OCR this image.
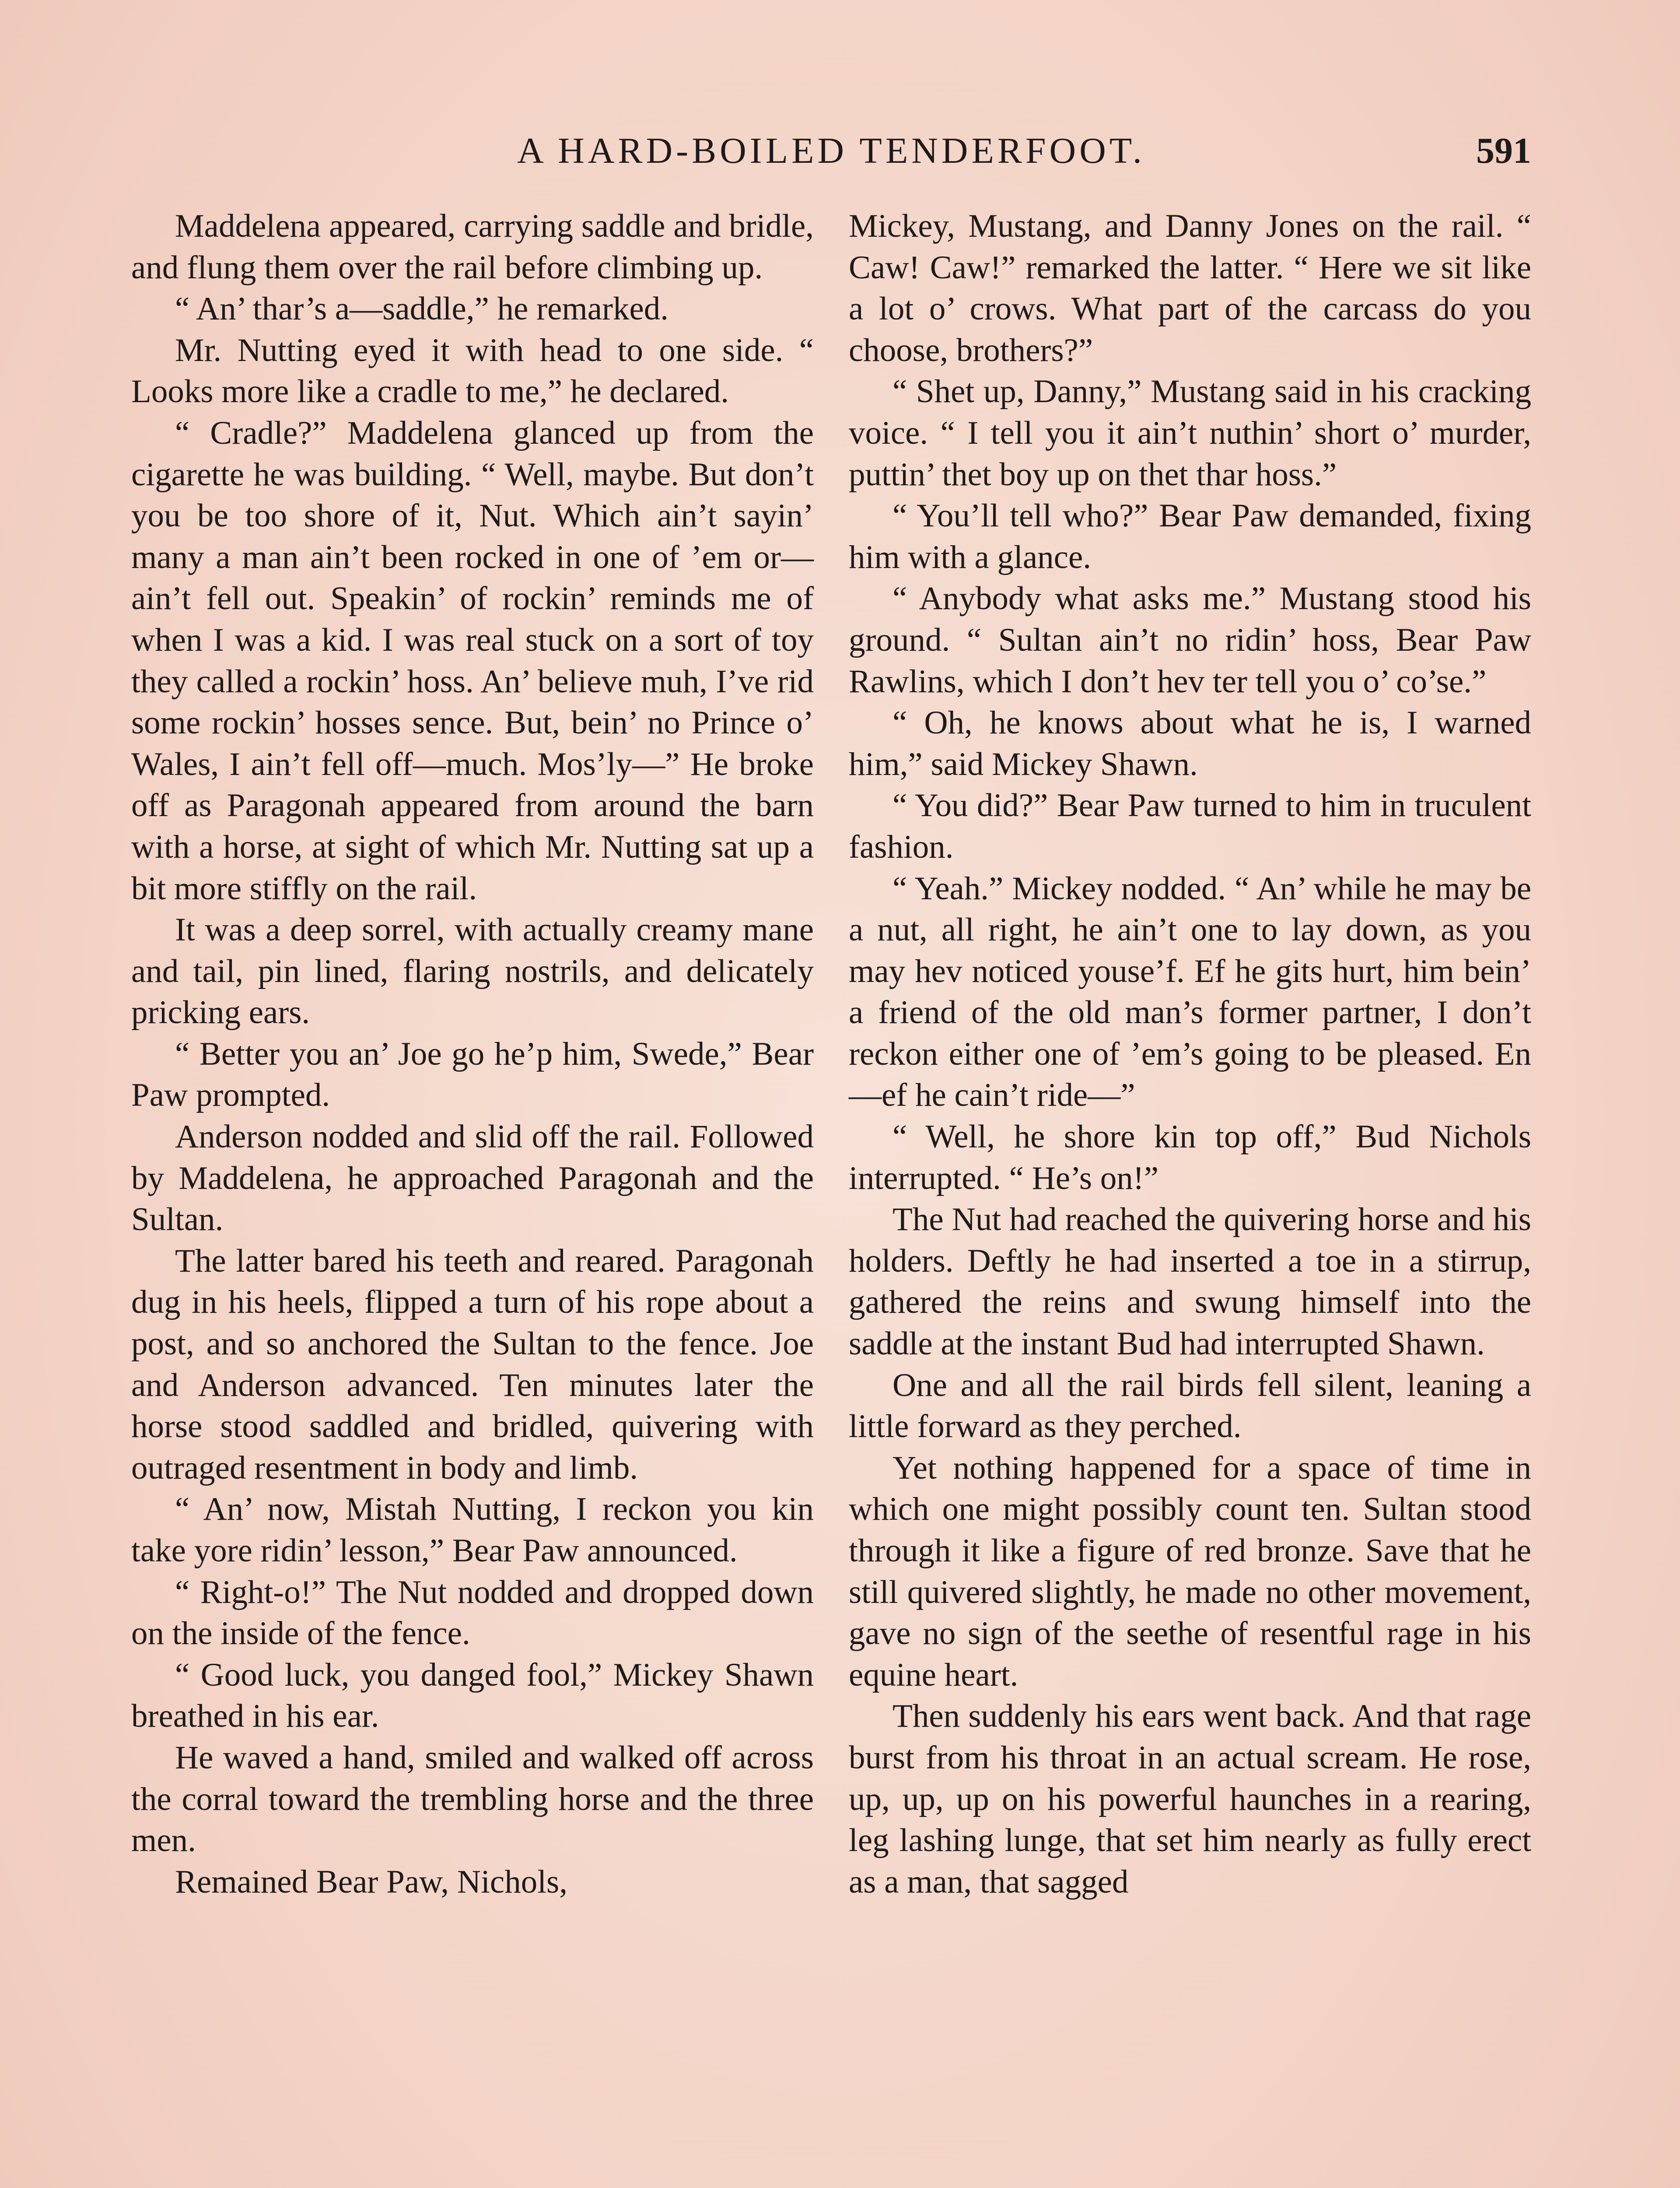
A HARD-BOILED TENDERFOOT.	591

Maddelena appeared, carrying saddle and bridle, and flung them over the rail before climbing up.

“ An’ thar’s a—saddle,” he remarked.

Mr. Nutting eyed it with head to one side. “ Looks more like a cradle to me,” he declared.

“ Cradle?” Maddelena glanced up from the cigarette he was building. “ Well, maybe. But don’t you be too shore of it, Nut. Which ain’t sayin’ many a man ain’t been rocked in one of ’em or—ain’t fell out. Speakin’ of rockin’ reminds me of when I was a kid. I was real stuck on a sort of toy they called a rockin’ hoss. An’ believe muh, I’ve rid some rockin’ hosses sence. But, bein’ no Prince o’ Wales, I ain’t fell off—much. Mos’ly—” He broke off as Paragonah appeared from around the barn with a horse, at sight of which Mr. Nutting sat up a bit more stiffly on the rail.

It was a deep sorrel, with actually creamy mane and tail, pin lined, flaring nostrils, and delicately pricking ears.

“ Better you an’ Joe go he’p him, Swede,” Bear Paw prompted.

Anderson nodded and slid off the rail. Followed by Maddelena, he approached Paragonah and the Sultan.

The latter bared his teeth and reared. Paragonah dug in his heels, flipped a turn of his rope about a post, and so anchored the Sultan to the fence. Joe and Anderson advanced. Ten minutes later the horse stood saddled and bridled, quivering with outraged resentment in body and limb.

“ An’ now, Mistah Nutting, I reckon you kin take yore ridin’ lesson,” Bear Paw announced.

“ Right-o!” The Nut nodded and dropped down on the inside of the fence.

“ Good luck, you danged fool,” Mickey Shawn breathed in his ear.

He waved a hand, smiled and walked off across the corral toward the trembling horse and the three men.

Remained Bear Paw, Nichols,

Mickey, Mustang, and Danny Jones on the rail. “ Caw! Caw!” remarked the latter. “ Here we sit like a lot o’ crows. What part of the carcass do you choose, brothers?”

“ Shet up, Danny,” Mustang said in his cracking voice. “ I tell you it ain’t nuthin’ short o’ murder, puttin’ thet boy up on thet thar hoss.”

“ You’ll tell who?” Bear Paw demanded, fixing him with a glance.

“ Anybody what asks me.” Mustang stood his ground. “ Sultan ain’t no ridin’ hoss, Bear Paw Rawlins, which I don’t hev ter tell you o’ co’se.”

“ Oh, he knows about what he is, I warned him,” said Mickey Shawn.

“ You did?” Bear Paw turned to him in truculent fashion.

“ Yeah.” Mickey nodded. “ An’ while he may be a nut, all right, he ain’t one to lay down, as you may hev noticed youse’f. Ef he gits hurt, him bein’ a friend of the old man’s former partner, I don’t reckon either one of ’em’s going to be pleased. En—ef he cain’t ride—”

“ Well, he shore kin top off,” Bud Nichols interrupted. “ He’s on!”

The Nut had reached the quivering horse and his holders. Deftly he had inserted a toe in a stirrup, gathered the reins and swung himself into the saddle at the instant Bud had interrupted Shawn.

One and all the rail birds fell silent, leaning a little forward as they perched.

Yet nothing happened for a space of time in which one might possibly count ten. Sultan stood through it like a figure of red bronze. Save that he still quivered slightly, he made no other movement, gave no sign of the seethe of resentful rage in his equine heart.

Then suddenly his ears went back. And that rage burst from his throat in an actual scream. He rose, up, up, up on his powerful haunches in a rearing, leg lashing lunge, that set him nearly as fully erect as a man, that sagged
